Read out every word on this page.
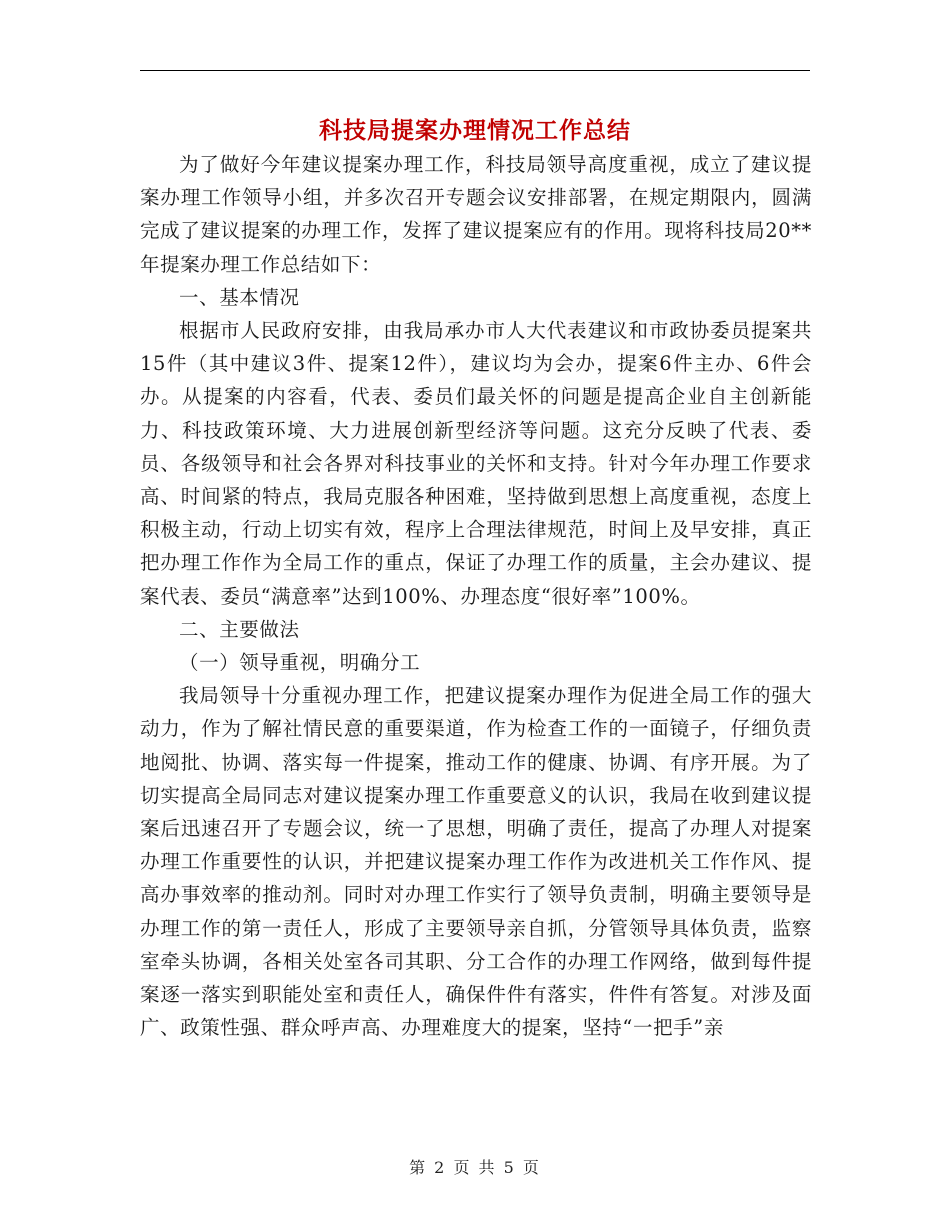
科技局提案办理情况工作总结

为了做好今年建议提案办理工作，科技局领导高度重视，成立了建议提案办理工作领导小组，并多次召开专题会议安排部署，在规定期限内，圆满完成了建议提案的办理工作，发挥了建议提案应有的作用。现将科技局20**年提案办理工作总结如下：

一、基本情况

根据市人民政府安排，由我局承办市人大代表建议和市政协委员提案共15件（其中建议3件、提案12件），建议均为会办，提案6件主办、6件会办。从提案的内容看，代表、委员们最关怀的问题是提高企业自主创新能力、科技政策环境、大力进展创新型经济等问题。这充分反映了代表、委员、各级领导和社会各界对科技事业的关怀和支持。针对今年办理工作要求高、时间紧的特点，我局克服各种困难，坚持做到思想上高度重视，态度上积极主动，行动上切实有效，程序上合理法律规范，时间上及早安排，真正把办理工作作为全局工作的重点，保证了办理工作的质量，主会办建议、提案代表、委员“满意率”达到100%、办理态度“很好率”100%。

二、主要做法

（一）领导重视，明确分工

我局领导十分重视办理工作，把建议提案办理作为促进全局工作的强大动力，作为了解社情民意的重要渠道，作为检查工作的一面镜子，仔细负责地阅批、协调、落实每一件提案，推动工作的健康、协调、有序开展。为了切实提高全局同志对建议提案办理工作重要意义的认识，我局在收到建议提案后迅速召开了专题会议，统一了思想，明确了责任，提高了办理人对提案办理工作重要性的认识，并把建议提案办理工作作为改进机关工作作风、提高办事效率的推动剂。同时对办理工作实行了领导负责制，明确主要领导是办理工作的第一责任人，形成了主要领导亲自抓，分管领导具体负责，监察室牵头协调，各相关处室各司其职、分工合作的办理工作网络，做到每件提案逐一落实到职能处室和责任人，确保件件有落实，件件有答复。对涉及面广、政策性强、群众呼声高、办理难度大的提案，坚持“一把手”亲

第 2 页 共 5 页
